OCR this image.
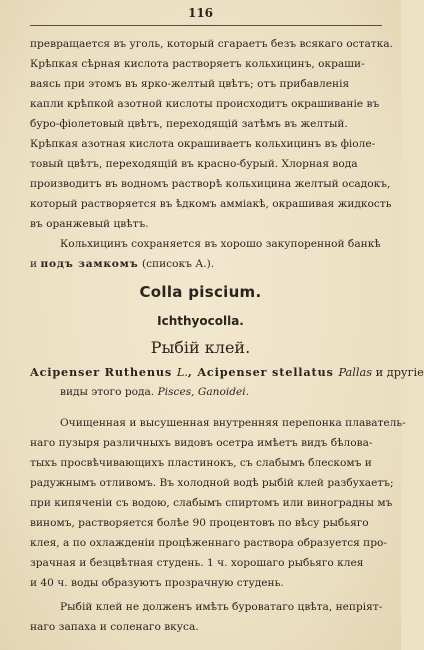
116
превращается въ уголь, который сгараетъ безъ всякаго остатка.
Крѣпкая сѣрная кислота растворяетъ кольхицинъ, окраши-
ваясь при этомъ въ ярко-желтый цвѣтъ; отъ прибавленія
капли крѣпкой азотной кислоты происходитъ окрашиваніе въ
буро-фіолетовый цвѣтъ, переходящій затѣмъ въ желтый.
Крѣпкая азотная кислота окрашиваетъ кольхицинъ въ фіоле-
товый цвѣтъ, переходящій въ красно-бурый. Хлорная вода
производитъ въ водномъ растворѣ кольхицина желтый осадокъ,
который растворяется въ ѣдкомъ амміакѣ, окрашивая жидкость
въ оранжевый цвѣтъ.
Кольхицинъ сохраняется въ хорошо закупоренной банкѣ
и подъ замкомъ (списокъ А.).
Colla piscium.
Ichthyocolla.
Рыбій клей.
Acipenser Ruthenus L., Acipenser stellatus Pallas и другіе
виды этого рода. Pisces, Ganoidei.
Очищенная и высушенная внутренняя перепонка плаватель-
наго пузыря различныхъ видовъ осетра имѣетъ видъ бѣлова-
тыхъ просвѣчивающихъ пластинокъ, съ слабымъ блескомъ и
радужнымъ отливомъ. Въ холодной водѣ рыбій клей разбухаетъ;
при кипяченіи съ водою, слабымъ спиртомъ или виноградны мъ
виномъ, растворяется болѣе 90 процентовъ по вѣсу рыбьяго
клея, а по охлажденіи процѣженнаго раствора образуется про-
зрачная и безцвѣтная студень. 1 ч. хорошаго рыбьяго клея
и 40 ч. воды образуютъ прозрачную студень.
Рыбій клей не долженъ имѣть буроватаго цвѣта, непріят-
наго запаха и соленаго вкуса.
